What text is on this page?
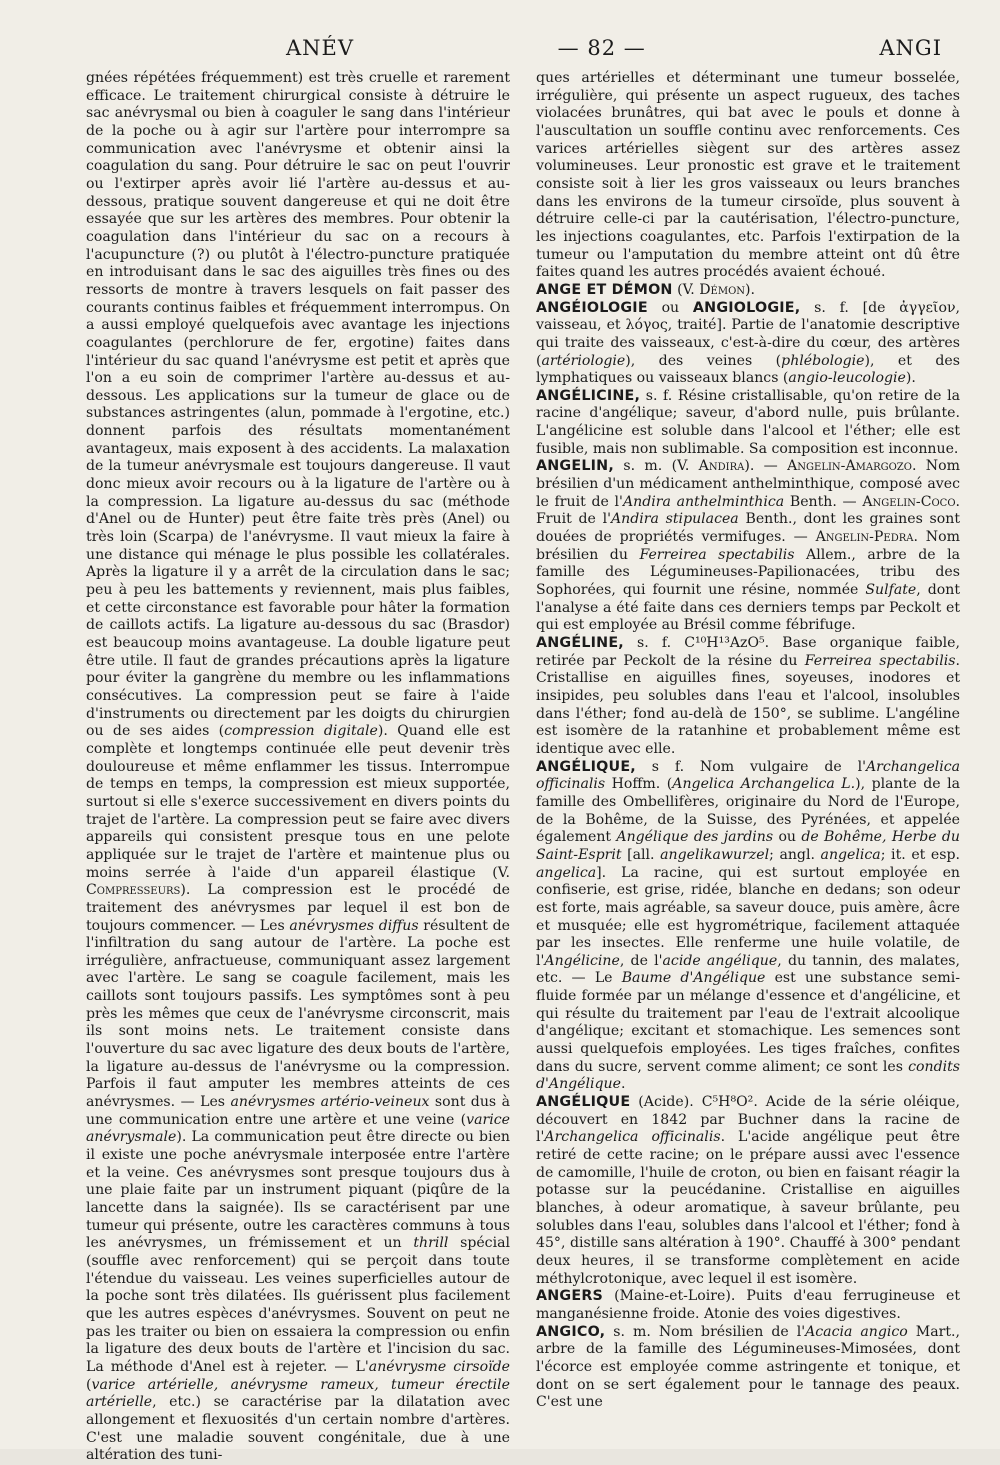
ANÉV	— 82 —	ANGI

gnées répétées fréquemment) est très cruelle et rarement efficace. Le traitement chirurgical consiste à détruire le sac anévrysmal ou bien à coaguler le sang dans l'intérieur de la poche ou à agir sur l'artère pour interrompre sa communication avec l'anévrysme et obtenir ainsi la coagulation du sang. Pour détruire le sac on peut l'ouvrir ou l'extirper après avoir lié l'artère au-dessus et au-dessous, pratique souvent dangereuse et qui ne doit être essayée que sur les artères des membres. Pour obtenir la coagulation dans l'intérieur du sac on a recours à l'acupuncture (?) ou plutôt à l'électro-puncture pratiquée en introduisant dans le sac des aiguilles très fines ou des ressorts de montre à travers lesquels on fait passer des courants continus faibles et fréquemment interrompus. On a aussi employé quelquefois avec avantage les injections coagulantes (perchlorure de fer, ergotine) faites dans l'intérieur du sac quand l'anévrysme est petit et après que l'on a eu soin de comprimer l'artère au-dessus et au-dessous. Les applications sur la tumeur de glace ou de substances astringentes (alun, pommade à l'ergotine, etc.) donnent parfois des résultats momentanément avantageux, mais exposent à des accidents. La malaxation de la tumeur anévrysmale est toujours dangereuse. Il vaut donc mieux avoir recours ou à la ligature de l'artère ou à la compression. La ligature au-dessus du sac (méthode d'Anel ou de Hunter) peut être faite très près (Anel) ou très loin (Scarpa) de l'anévrysme. Il vaut mieux la faire à une distance qui ménage le plus possible les collatérales. Après la ligature il y a arrêt de la circulation dans le sac; peu à peu les battements y reviennent, mais plus faibles, et cette circonstance est favorable pour hâter la formation de caillots actifs. La ligature au-dessous du sac (Brasdor) est beaucoup moins avantageuse. La double ligature peut être utile. Il faut de grandes précautions après la ligature pour éviter la gangrène du membre ou les inflammations consécutives. La compression peut se faire à l'aide d'instruments ou directement par les doigts du chirurgien ou de ses aides (compression digitale). Quand elle est complète et longtemps continuée elle peut devenir très douloureuse et même enflammer les tissus. Interrompue de temps en temps, la compression est mieux supportée, surtout si elle s'exerce successivement en divers points du trajet de l'artère. La compression peut se faire avec divers appareils qui consistent presque tous en une pelote appliquée sur le trajet de l'artère et maintenue plus ou moins serrée à l'aide d'un appareil élastique (V. Compresseurs). La compression est le procédé de traitement des anévrysmes par lequel il est bon de toujours commencer. — Les anévrysmes diffus résultent de l'infiltration du sang autour de l'artère. La poche est irrégulière, anfractueuse, communiquant assez largement avec l'artère. Le sang se coagule facilement, mais les caillots sont toujours passifs. Les symptômes sont à peu près les mêmes que ceux de l'anévrysme circonscrit, mais ils sont moins nets. Le traitement consiste dans l'ouverture du sac avec ligature des deux bouts de l'artère, la ligature au-dessus de l'anévrysme ou la compression. Parfois il faut amputer les membres atteints de ces anévrysmes. — Les anévrysmes artério-veineux sont dus à une communication entre une artère et une veine (varice anévrysmale). La communication peut être directe ou bien il existe une poche anévrysmale interposée entre l'artère et la veine. Ces anévrysmes sont presque toujours dus à une plaie faite par un instrument piquant (piqûre de la lancette dans la saignée). Ils se caractérisent par une tumeur qui présente, outre les caractères communs à tous les anévrysmes, un frémissement et un thrill spécial (souffle avec renforcement) qui se perçoit dans toute l'étendue du vaisseau. Les veines superficielles autour de la poche sont très dilatées. Ils guérissent plus facilement que les autres espèces d'anévrysmes. Souvent on peut ne pas les traiter ou bien on essaiera la compression ou enfin la ligature des deux bouts de l'artère et l'incision du sac. La méthode d'Anel est à rejeter. — L'anévrysme cirsoïde (varice artérielle, anévrysme rameux, tumeur érectile artérielle, etc.) se caractérise par la dilatation avec allongement et flexuosités d'un certain nombre d'artères. C'est une maladie souvent congénitale, due à une altération des tuni-

ques artérielles et déterminant une tumeur bosselée, irrégulière, qui présente un aspect rugueux, des taches violacées brunâtres, qui bat avec le pouls et donne à l'auscultation un souffle continu avec renforcements. Ces varices artérielles siègent sur des artères assez volumineuses. Leur pronostic est grave et le traitement consiste soit à lier les gros vaisseaux ou leurs branches dans les environs de la tumeur cirsoïde, plus souvent à détruire celle-ci par la cautérisation, l'électro-puncture, les injections coagulantes, etc. Parfois l'extirpation de la tumeur ou l'amputation du membre atteint ont dû être faites quand les autres procédés avaient échoué.

ANGE ET DÉMON (V. Démon).

ANGÉIOLOGIE ou ANGIOLOGIE, s. f. [de ἀγγεῖον, vaisseau, et λόγος, traité]. Partie de l'anatomie descriptive qui traite des vaisseaux, c'est-à-dire du cœur, des artères (artériologie), des veines (phlébologie), et des lymphatiques ou vaisseaux blancs (angio-leucologie).

ANGÉLICINE, s. f. Résine cristallisable, qu'on retire de la racine d'angélique; saveur, d'abord nulle, puis brûlante. L'angélicine est soluble dans l'alcool et l'éther; elle est fusible, mais non sublimable. Sa composition est inconnue.

ANGELIN, s. m. (V. Andira). — Angelin-Amargozo. Nom brésilien d'un médicament anthelminthique, composé avec le fruit de l'Andira anthelminthica Benth. — Angelin-Coco. Fruit de l'Andira stipulacea Benth., dont les graines sont douées de propriétés vermifuges. — Angelin-Pedra. Nom brésilien du Ferreirea spectabilis Allem., arbre de la famille des Légumineuses-Papilionacées, tribu des Sophorées, qui fournit une résine, nommée Sulfate, dont l'analyse a été faite dans ces derniers temps par Peckolt et qui est employée au Brésil comme fébrifuge.

ANGÉLINE, s. f. C¹⁰H¹³AzO⁵. Base organique faible, retirée par Peckolt de la résine du Ferreirea spectabilis. Cristallise en aiguilles fines, soyeuses, inodores et insipides, peu solubles dans l'eau et l'alcool, insolubles dans l'éther; fond au-delà de 150°, se sublime. L'angéline est isomère de la ratanhine et probablement même est identique avec elle.

ANGÉLIQUE, s f. Nom vulgaire de l'Archangelica officinalis Hoffm. (Angelica Archangelica L.), plante de la famille des Ombellifères, originaire du Nord de l'Europe, de la Bohême, de la Suisse, des Pyrénées, et appelée également Angélique des jardins ou de Bohême, Herbe du Saint-Esprit [all. angelikawurzel; angl. angelica; it. et esp. angelica]. La racine, qui est surtout employée en confiserie, est grise, ridée, blanche en dedans; son odeur est forte, mais agréable, sa saveur douce, puis amère, âcre et musquée; elle est hygrométrique, facilement attaquée par les insectes. Elle renferme une huile volatile, de l'Angélicine, de l'acide angélique, du tannin, des malates, etc. — Le Baume d'Angélique est une substance semi-fluide formée par un mélange d'essence et d'angélicine, et qui résulte du traitement par l'eau de l'extrait alcoolique d'angélique; excitant et stomachique. Les semences sont aussi quelquefois employées. Les tiges fraîches, confites dans du sucre, servent comme aliment; ce sont les condits d'Angélique.

ANGÉLIQUE (Acide). C⁵H⁸O². Acide de la série oléique, découvert en 1842 par Buchner dans la racine de l'Archangelica officinalis. L'acide angélique peut être retiré de cette racine; on le prépare aussi avec l'essence de camomille, l'huile de croton, ou bien en faisant réagir la potasse sur la peucédanine. Cristallise en aiguilles blanches, à odeur aromatique, à saveur brûlante, peu solubles dans l'eau, solubles dans l'alcool et l'éther; fond à 45°, distille sans altération à 190°. Chauffé à 300° pendant deux heures, il se transforme complètement en acide méthylcrotonique, avec lequel il est isomère.

ANGERS (Maine-et-Loire). Puits d'eau ferrugineuse et manganésienne froide. Atonie des voies digestives.

ANGICO, s. m. Nom brésilien de l'Acacia angico Mart., arbre de la famille des Légumineuses-Mimosées, dont l'écorce est employée comme astringente et tonique, et dont on se sert également pour le tannage des peaux. C'est une
